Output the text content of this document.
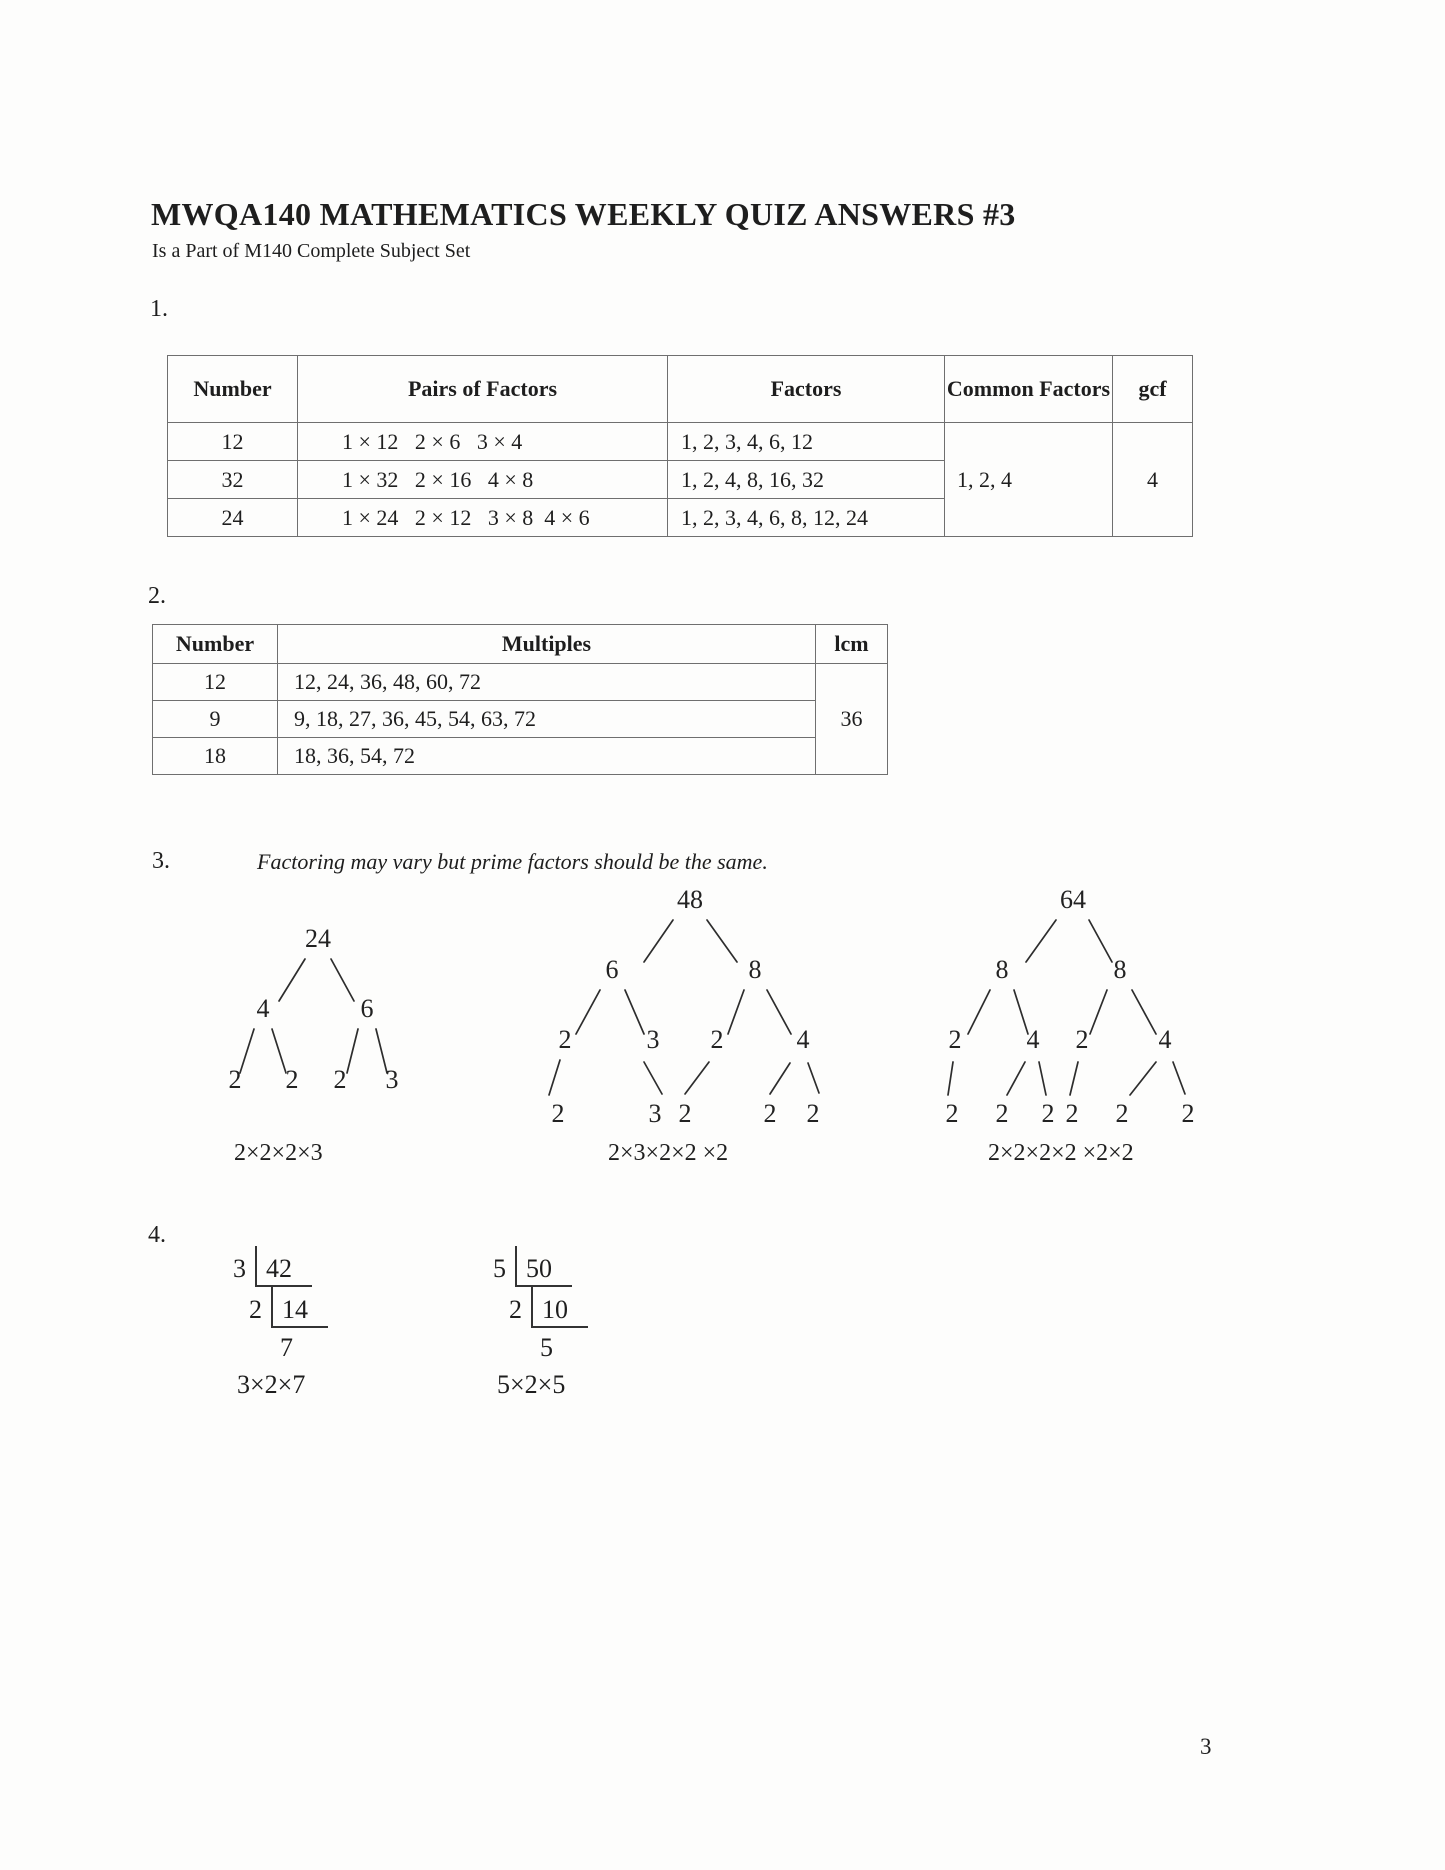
MWQA140 MATHEMATICS WEEKLY QUIZ ANSWERS #3
Is a Part of M140 Complete Subject Set
1.
Number	Pairs of Factors	Factors	Common Factors	gcf
12	1 × 12   2 × 6   3 × 4	1, 2, 3, 4, 6, 12	1, 2, 4	4
32	1 × 32   2 × 16   4 × 8	1, 2, 4, 8, 16, 32		
24	1 × 24   2 × 12   3 × 8  4 × 6	1, 2, 3, 4, 6, 8, 12, 24		
2.
Number	Multiples	lcm
12	12, 24, 36, 48, 60, 72	36
9	9, 18, 27, 36, 45, 54, 63, 72	
18	18, 36, 54, 72	
3.	Factoring may vary but prime factors should be the same.
24
4	6
2 2 2 3
2×2×2×3
48
6	8
2	3 2	4
2	3 2	2 2
2×3×2×2 ×2
64
8	8
2	4 2	4
2 2 2 2 2 2
2×2×2×2 ×2×2
4.
3 42
2 14
7
3×2×7
5 50
2 10
5
5×2×5
3
